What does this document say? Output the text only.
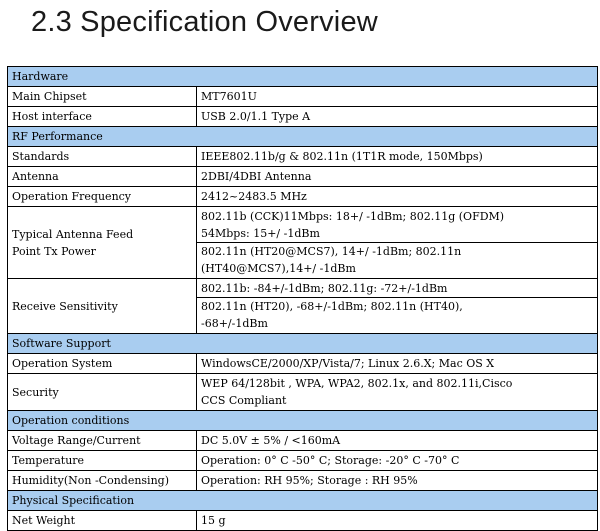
2.3 Specification Overview
Hardware	
Main Chipset	MT7601U
Host interface	USB 2.0/1.1 Type A
RF Performance	
Standards	IEEE802.11b/g & 802.11n (1T1R mode, 150Mbps)
Antenna	2DBI/4DBI Antenna
Operation Frequency	2412~2483.5 MHz

Typical Antenna Feed
Point Tx Power	802.11b (CCK)11Mbps: 18+/ -1dBm; 802.11g (OFDM)
54Mbps: 15+/ -1dBm
802.11n (HT20@MCS7), 14+/ -1dBm; 802.11n
(HT40@MCS7),14+/ -1dBm

Receive Sensitivity	802.11b: -84+/-1dBm; 802.11g: -72+/-1dBm
802.11n (HT20), -68+/-1dBm; 802.11n (HT40),
-68+/-1dBm

Software Support	
Operation System	WindowsCE/2000/XP/Vista/7; Linux 2.6.X; Mac OS X
Security	WEP 64/128bit , WPA, WPA2, 802.1x, and 802.11i,Cisco
CCS Compliant

Operation conditions	
Voltage Range/Current	DC 5.0V ± 5% / <160mA
Temperature	Operation: 0° C -50° C; Storage: -20° C -70° C
Humidity(Non -Condensing)	Operation: RH 95%; Storage : RH 95%
Physical Specification	
Net Weight	15 g
